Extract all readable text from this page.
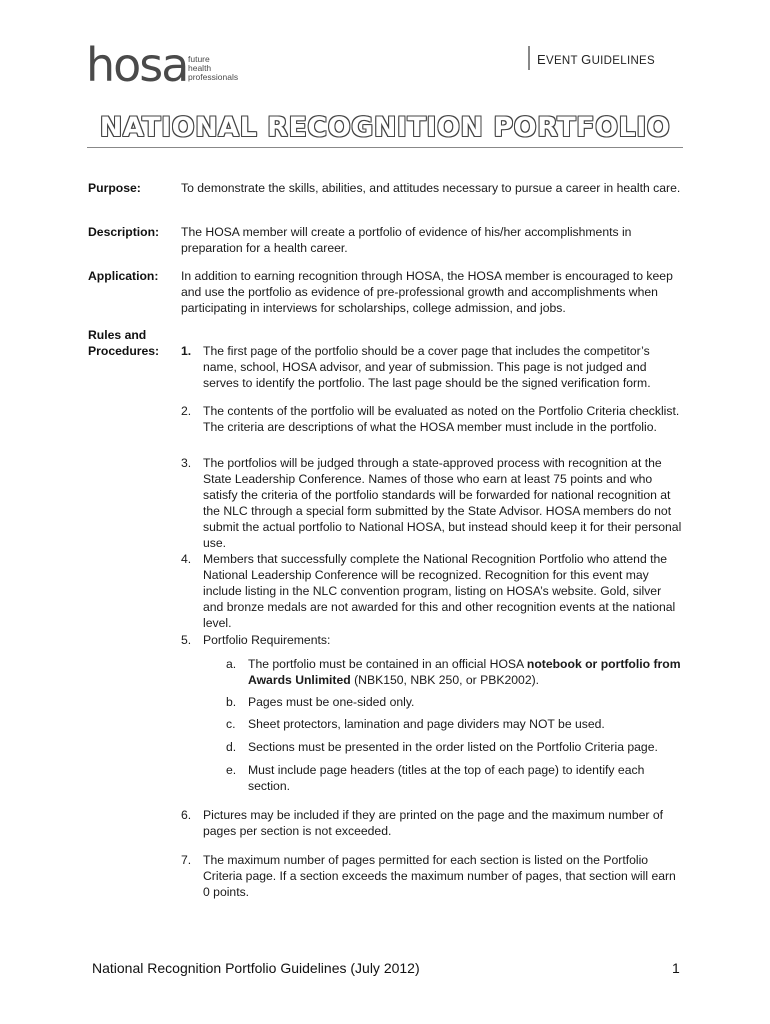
hosa future
health
professionals
EVENT GUIDELINES
NATIONAL RECOGNITION PORTFOLIO
Purpose:	To demonstrate the skills, abilities, and attitudes necessary to pursue a career in health care.
Description: The HOSA member will create a portfolio of evidence of his/her accomplishments in preparation for a health career.
Application: In addition to earning recognition through HOSA, the HOSA member is encouraged to keep and use the portfolio as evidence of pre-professional growth and accomplishments when participating in interviews for scholarships, college admission, and jobs.
Rules and
Procedures: 1. The first page of the portfolio should be a cover page that includes the competitor’s name, school, HOSA advisor, and year of submission. This page is not judged and serves to identify the portfolio. The last page should be the signed verification form.
2. The contents of the portfolio will be evaluated as noted on the Portfolio Criteria checklist. The criteria are descriptions of what the HOSA member must include in the portfolio.
3. The portfolios will be judged through a state-approved process with recognition at the State Leadership Conference. Names of those who earn at least 75 points and who satisfy the criteria of the portfolio standards will be forwarded for national recognition at the NLC through a special form submitted by the State Advisor. HOSA members do not submit the actual portfolio to National HOSA, but instead should keep it for their personal use.
4. Members that successfully complete the National Recognition Portfolio who attend the National Leadership Conference will be recognized. Recognition for this event may include listing in the NLC convention program, listing on HOSA’s website. Gold, silver and bronze medals are not awarded for this and other recognition events at the national level.
5. Portfolio Requirements:
a. The portfolio must be contained in an official HOSA notebook or portfolio from Awards Unlimited (NBK150, NBK 250, or PBK2002).
b. Pages must be one-sided only.
c.	Sheet protectors, lamination and page dividers may NOT be used.
d. Sections must be presented in the order listed on the Portfolio Criteria page.
e. Must include page headers (titles at the top of each page) to identify each section.
6. Pictures may be included if they are printed on the page and the maximum number of pages per section is not exceeded.
7. The maximum number of pages permitted for each section is listed on the Portfolio Criteria page. If a section exceeds the maximum number of pages, that section will earn 0 points.
National Recognition Portfolio Guidelines (July 2012)	1
